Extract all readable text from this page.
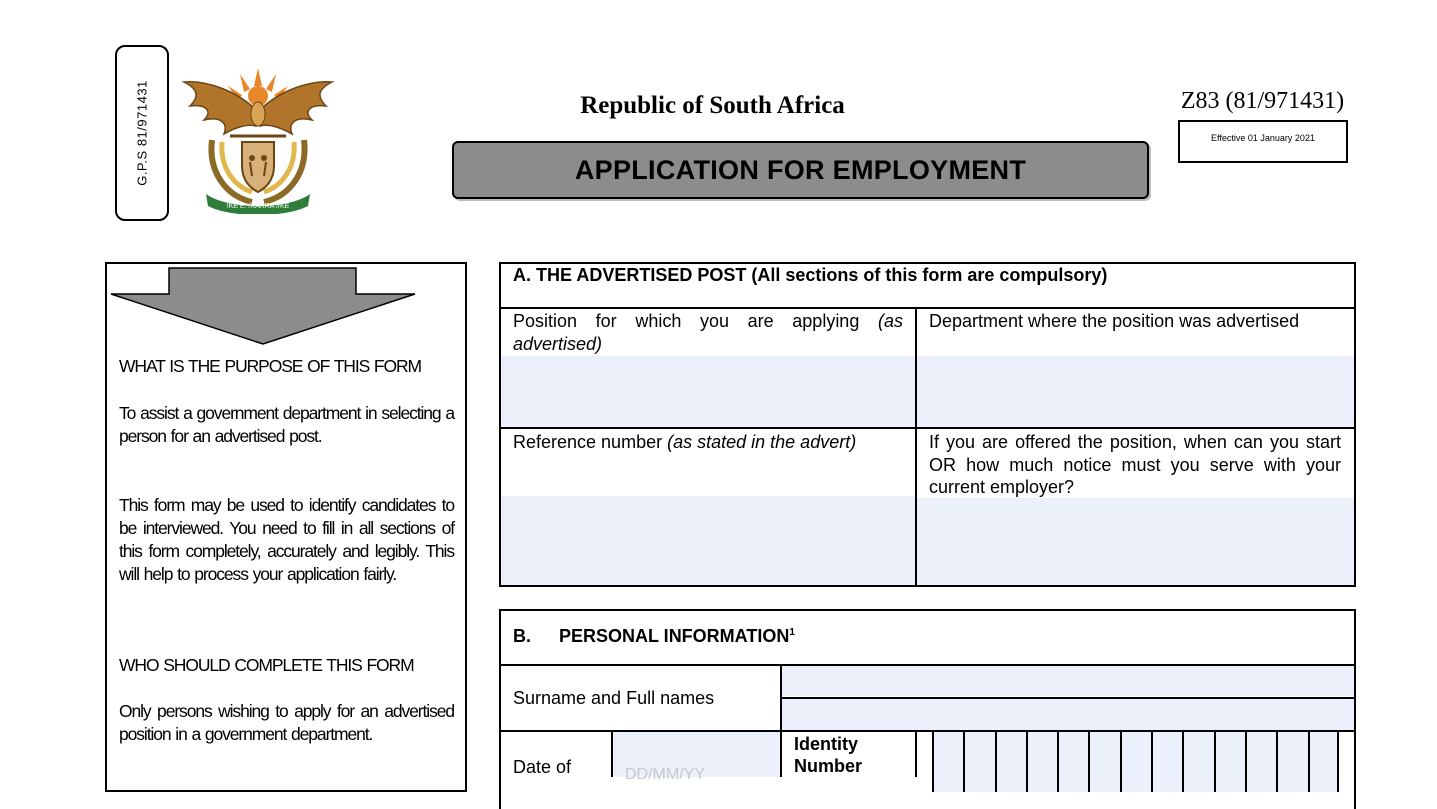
G.P.S 81/971431
!KE E: /XARRA //KE
Republic of South Africa
APPLICATION FOR EMPLOYMENT
Z83 (81/971431)
Effective 01 January 2021
WHAT IS THE PURPOSE OF THIS FORM
To assist a government department in selecting a person for an advertised post.
This form may be used to identify candidates to be interviewed. You need to fill in all sections of this form completely, accurately and legibly. This will help to process your application fairly.
WHO SHOULD COMPLETE THIS FORM
Only persons wishing to apply for an advertised position in a government department.
A. THE ADVERTISED POST (All sections of this form are compulsory)
Position for which you are applying (as advertised)
Department where the position was advertised
Reference number (as stated in the advert)	If you are offered the position, when can you start OR how much notice must you serve with your current employer?
B. PERSONAL INFORMATION$^1$
Surname and Full names
Date of	DD/MM/YY
Identity
Number
